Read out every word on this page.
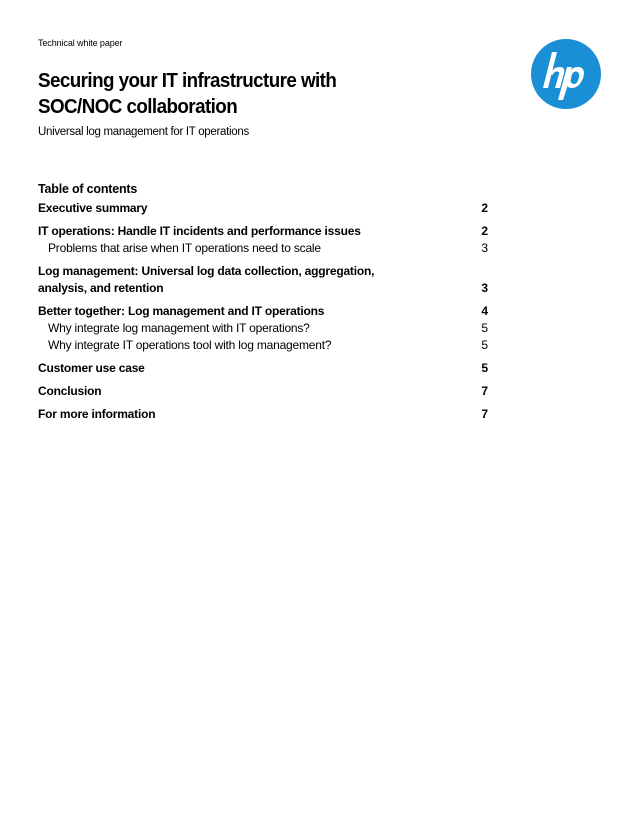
Technical white paper
Securing your IT infrastructure with
SOC/NOC collaboration
Universal log management for IT operations
Table of contents
Executive summary	2
IT operations: Handle IT incidents and performance issues	2
Problems that arise when IT operations need to scale	3
Log management: Universal log data collection, aggregation,
analysis, and retention	3
Better together: Log management and IT operations	4
Why integrate log management with IT operations?	5
Why integrate IT operations tool with log management?	5
Customer use case	5
Conclusion	7
For more information	7
